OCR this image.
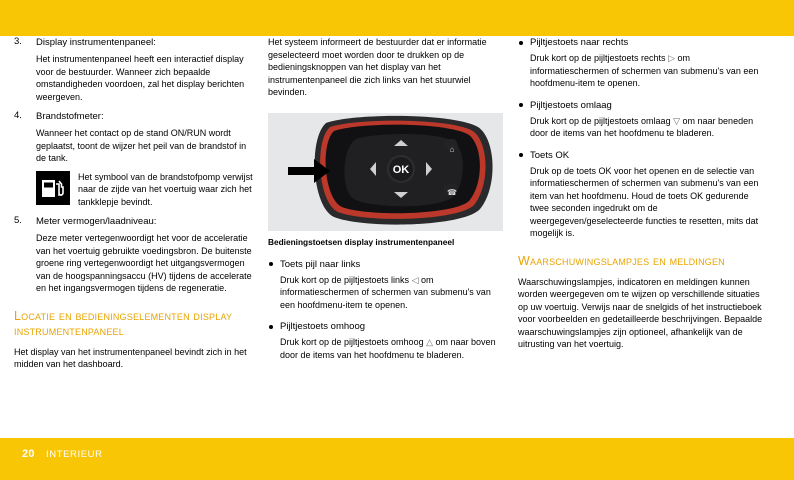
20 INTERIEUR
3.	Display instrumentenpaneel:
Het instrumentenpaneel heeft een interactief display voor de bestuurder. Wanneer zich bepaalde omstandigheden voordoen, zal het display berichten weergeven.
4.	Brandstofmeter:
Wanneer het contact op de stand ON/RUN wordt geplaatst, toont de wijzer het peil van de brandstof in de tank.
Het symbool van de brandstofpomp verwijst naar de zijde van het voertuig waar zich het tankklepje bevindt.
5.	Meter vermogen/laadniveau:
Deze meter vertegenwoordigt het voor de acceleratie van het voertuig gebruikte voedingsbron. De buitenste groene ring vertegenwoordigt het uitgangsvermogen van de hoogspanningsaccu (HV) tijdens de accelerate en het ingangsvermogen tijdens de regeneratie.
Locatie en bedieningselementen display instrumentenpaneel
Het display van het instrumentenpaneel bevindt zich in het midden van het dashboard.
Het systeem informeert de bestuurder dat er informatie geselecteerd moet worden door te drukken op de bedieningsknoppen van het display van het instrumentenpaneel die zich links van het stuurwiel bevinden.
OK
⌂
☎
Bedieningstoetsen display instrumentenpaneel
Toets pijl naar links
Druk kort op de pijltjestoets links ◁ om informatieschermen of schermen van submenu's van een hoofdmenu-item te openen.
Pijltjestoets omhoog
Druk kort op de pijltjestoets omhoog △ om naar boven door de items van het hoofdmenu te bladeren.
Pijltjestoets naar rechts
Druk kort op de pijltjestoets rechts ▷ om informatieschermen of schermen van submenu's van een hoofdmenu-item te openen.
Pijltjestoets omlaag
Druk kort op de pijltjestoets omlaag ▽ om naar beneden door de items van het hoofdmenu te bladeren.
Toets OK
Druk op de toets OK voor het openen en de selectie van informatieschermen of schermen van submenu's van een item van het hoofdmenu. Houd de toets OK gedurende twee seconden ingedrukt om de weergegeven/geselecteerde functies te resetten, mits dat mogelijk is.
Waarschuwingslampjes en meldingen
Waarschuwingslampjes, indicatoren en meldingen kunnen worden weergegeven om te wijzen op verschillende situaties op uw voertuig. Verwijs naar de snelgids of het instructieboek voor voorbeelden en gedetailleerde beschrijvingen. Bepaalde waarschuwingslampjes zijn optioneel, afhankelijk van de uitrusting van het voertuig.
